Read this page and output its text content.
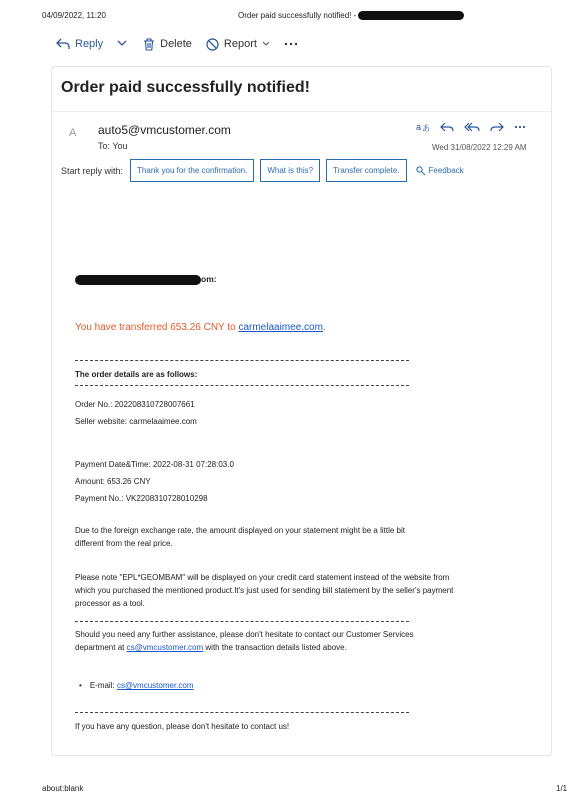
04/09/2022, 11:20	Order paid successfully notified! -
Reply	Delete	Report
Order paid successfully notified!
A auto5@vmcustomer.com
To: You
a あ
Wed 31/08/2022 12:29 AM
Start reply with:	Thank you for the confirmation.	What is this?	Transfer complete.	Feedback
om:
You have transferred 653.26 CNY to carmelaaimee.com.
The order details are as follows:
Order No.: 202208310728007661
Seller website: carmelaaimee.com
Payment Date&Time: 2022-08-31 07:28:03.0
Amount: 653.26 CNY
Payment No.: VK2208310728010298
Due to the foreign exchange rate, the amount displayed on your statement might be a little bit different from the real price.
Please note "EPL*GEOMBAM" will be displayed on your credit card statement instead of the website from which you purchased the mentioned product.It's just used for sending bill statement by the seller's payment processor as a tool.
Should you need any further assistance, please don't hesitate to contact our Customer Services department at cs@vmcustomer.com with the transaction details listed above.
• E-mail: cs@vmcustomer.com
If you have any question, please don't hesitate to contact us!
about:blank	1/1
